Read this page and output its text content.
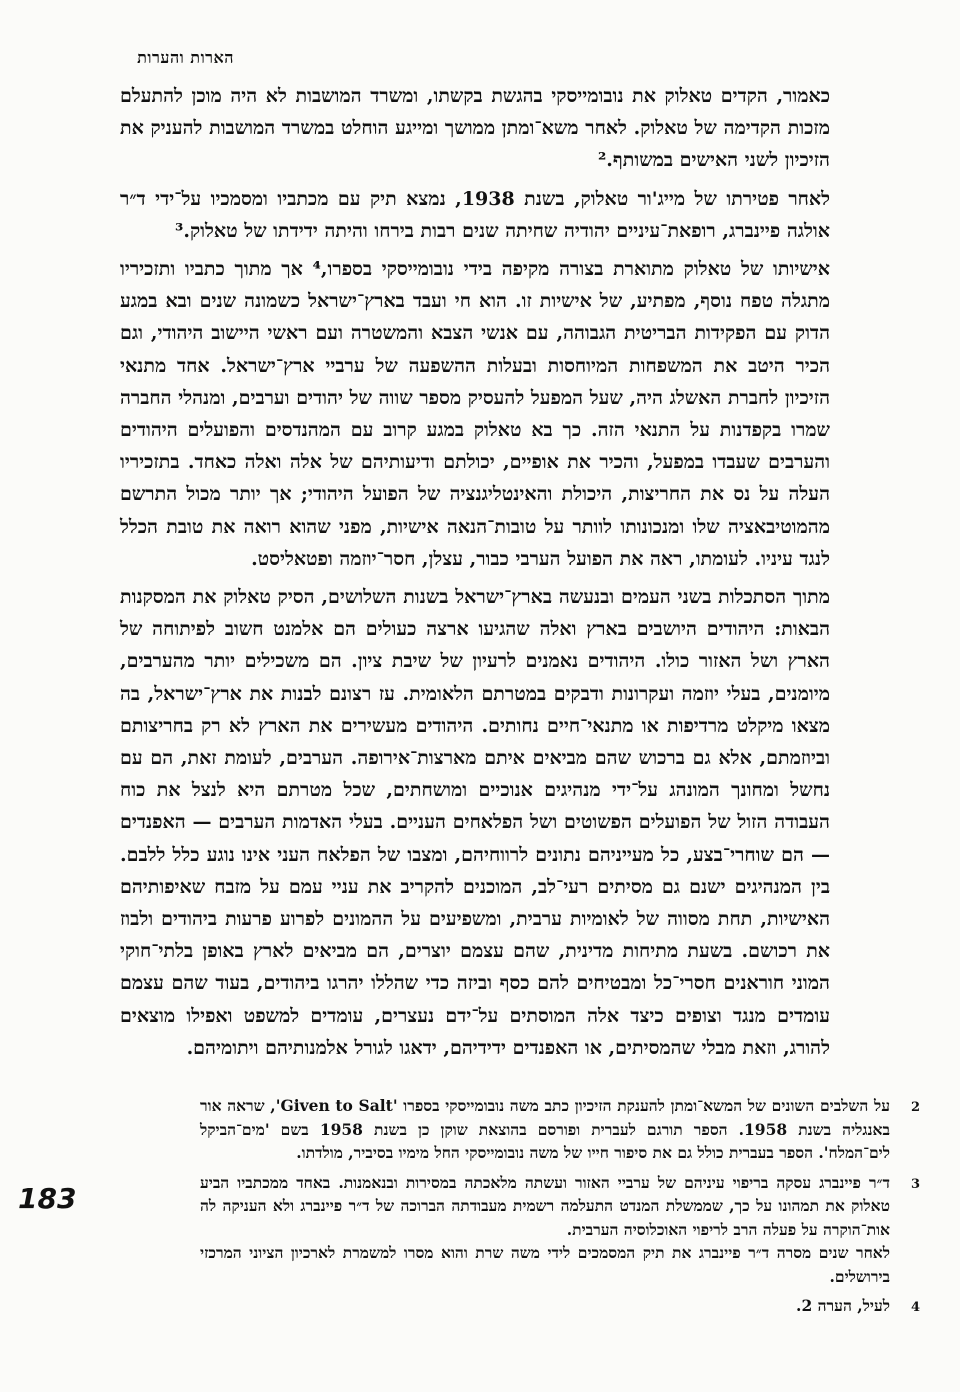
הארות והערות

כאמור, הקדים טאלוק את נובומייסקי בהגשת בקשתו, ומשרד המושבות לא היה מוכן להתעלם מזכות הקדימה של טאלוק. לאחר משא־ומתן ממושך ומייגע הוחלט במשרד המושבות להעניק את הזיכיון לשני האישים במשותף.²

לאחר פטירתו של מייג'ור טאלוק, בשנת 1938, נמצא תיק עם מכתביו ומסמכיו על־ידי ד״ר אולגה פיינברג, רופאת־עיניים יהודיה שחיתה שנים רבות בירחו והיתה ידידתו של טאלוק.³

אישיותו של טאלוק מתוארת בצורה מקיפה בידי נובומייסקי בספרו,⁴ אך מתוך כתביו ותזכיריו מתגלה טפח נוסף, מפתיע, של אישיות זו. הוא חי ועבד בארץ־ישראל כשמונה שנים ובא במגע הדוק עם הפקידות הבריטית הגבוהה, עם אנשי הצבא והמשטרה ועם ראשי היישוב היהודי, וגם הכיר היטב את המשפחות המיוחסות ובעלות ההשפעה של ערביי ארץ־ישראל. אחד מתנאי הזיכיון לחברת האשלג היה, שעל המפעל להעסיק מספר שווה של יהודים וערבים, ומנהלי החברה שמרו בקפדנות על התנאי הזה. כך בא טאלוק במגע קרוב עם המהנדסים והפועלים היהודים והערבים שעבדו במפעל, והכיר את אופיים, יכולתם ודיעותיהם של אלה ואלה כאחד. בתזכיריו העלה על נס את החריצות, היכולת והאינטליגנציה של הפועל היהודי; אך יותר מכול התרשם מהמוטיבאציה שלו ומנכונותו לוותר על טובות־הנאה אישיות, מפני שהוא רואה את טובת הכלל לנגד עיניו. לעומתו, ראה את הפועל הערבי כבור, עצלן, חסר־יוזמה ופטאליסט.

מתוך הסתכלות בשני העמים ובנעשה בארץ־ישראל בשנות השלושים, הסיק טאלוק את המסקנות הבאות: היהודים היושבים בארץ ואלה שהגיעו ארצה כעולים הם אלמנט חשוב לפיתוחה של הארץ ושל האזור כולו. היהודים נאמנים לרעיון של שיבת ציון. הם משכילים יותר מהערבים, מיומנים, בעלי יוזמה ועקרונות ודבקים במטרתם הלאומית. עז רצונם לבנות את ארץ־ישראל, בה מצאו מיקלט מרדיפות או מתנאי־חיים נחותים. היהודים מעשירים את הארץ לא רק בחריצותם וביוזמתם, אלא גם ברכוש שהם מביאים איתם מארצות־אירופה. הערבים, לעומת זאת, הם עם נחשל ומחונך המונהג על־ידי מנהיגים אנוכיים ומושחתים, שכל מטרתם היא לנצל את כוח העבודה הזול של הפועלים הפשוטים ושל הפלאחים העניים. בעלי האדמות הערבים — האפנדים — הם שוחרי־בצע, כל מעייניהם נתונים לרווחיהם, ומצבו של הפלאח העני אינו נוגע כלל ללבם. בין המנהיגים ישנם גם מסיתים רעי־לב, המוכנים להקריב את עניי עמם על מזבח שאיפותיהם האישיות, תחת מסווה של לאומיות ערבית, ומשפיעים על ההמונים לפרוע פרעות ביהודים ולבוז את רכושם. בשעת מתיחות מדינית, שהם עצמם יוצרים, הם מביאים לארץ באופן בלתי־חוקי המוני חוראנים חסרי־כל ומבטיחים להם כסף וביזה כדי שהללו יהרגו ביהודים, בעוד שהם עצמם עומדים מנגד וצופים כיצד אלה המוסתים על־ידם נעצרים, עומדים למשפט ואפילו מוצאים להורג, וזאת מבלי שהמסיתים, או האפנדים ידידיהם, ידאגו לגורל אלמנותיהם ויתומיהם.

2

על השלבים השונים של המשא־ומתן להענקת הזיכיון כתב משה נובומייסקי בספרו 'Given to Salt', שראה אור באנגליה בשנת 1958. הספר תורגם לעברית ופורסם בהוצאת שוקן כן בשנת 1958 בשם 'מים־הביקל לים־המלח'. הספר בעברית כולל גם את סיפור חייו של משה נובומייסקי החל מימיו בסיביר, מולדתו.

3

ד״ר פיינברג עסקה בריפוי עיניהם של ערביי האזור ועשתה מלאכתה במסירות ובנאמנות. באחד ממכתביו הביע טאלוק את תמהונו על כך, שממשלת המנדט התעלמה רשמית מעבודתה הברוכה של ד״ר פיינברג ולא העניקה לה אות־הוקרה על פעלה הרב לריפוי האוכלוסיה הערבית.

לאחר שנים מסרה ד״ר פיינברג את תיק המסמכים לידי משה שרת והוא מסרו למשמרת לארכיון הציוני המרכזי בירושלים.

4

לעיל, הערה 2.

183
